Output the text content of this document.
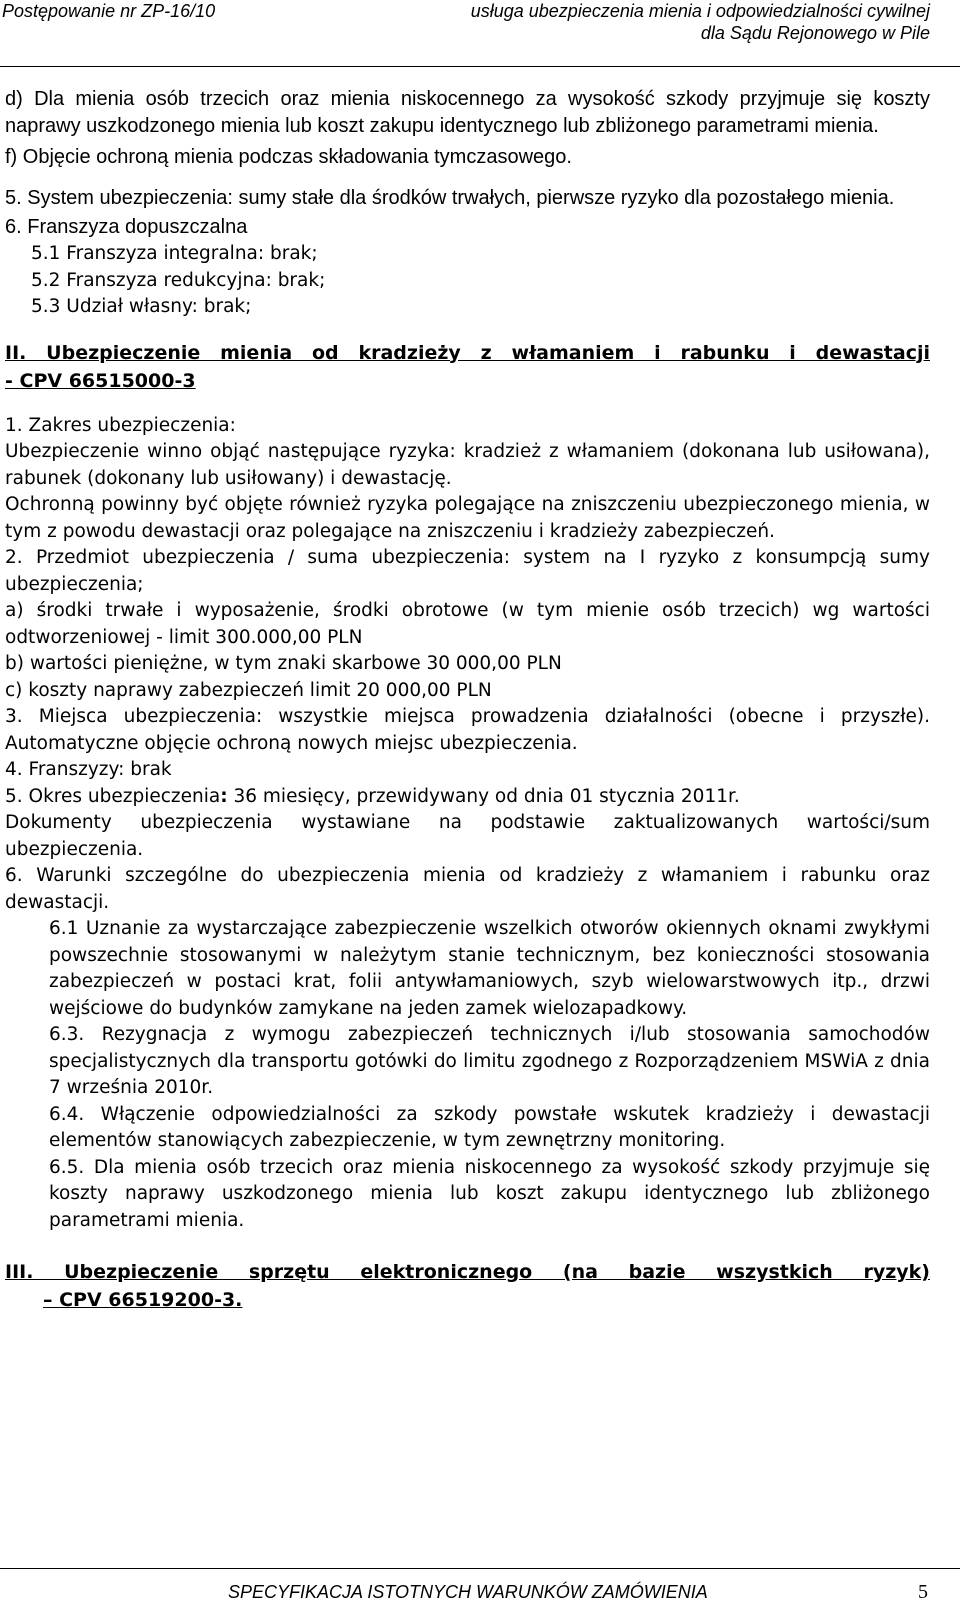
Postępowanie nr ZP-16/10	usługa ubezpieczenia mienia i odpowiedzialności cywilnej
dla Sądu Rejonowego w Pile

d) Dla mienia osób trzecich oraz mienia niskocennego za wysokość szkody przyjmuje się koszty naprawy uszkodzonego mienia lub koszt zakupu identycznego lub zbliżonego parametrami mienia.

f) Objęcie ochroną mienia podczas składowania tymczasowego.

5. System ubezpieczenia: sumy stałe dla środków trwałych, pierwsze ryzyko dla pozostałego mienia.

6. Franszyza dopuszczalna

5.1 Franszyza integralna: brak;

5.2 Franszyza redukcyjna: brak;

5.3 Udział własny: brak;

II. Ubezpieczenie mienia od kradzieży z włamaniem i rabunku i dewastacji
- CPV 66515000-3

1. Zakres ubezpieczenia:

Ubezpieczenie winno objąć następujące ryzyka: kradzież z włamaniem (dokonana lub usiłowana), rabunek (dokonany lub usiłowany) i dewastację.

Ochronną powinny być objęte również ryzyka polegające na zniszczeniu ubezpieczonego mienia, w tym z powodu dewastacji oraz polegające na zniszczeniu i kradzieży zabezpieczeń.

2. Przedmiot ubezpieczenia / suma ubezpieczenia: system na I ryzyko z konsumpcją sumy ubezpieczenia;

a) środki trwałe i wyposażenie, środki obrotowe (w tym mienie osób trzecich) wg wartości odtworzeniowej - limit 300.000,00 PLN

b) wartości pieniężne, w tym znaki skarbowe 30 000,00 PLN

c) koszty naprawy zabezpieczeń limit 20 000,00 PLN

3. Miejsca ubezpieczenia: wszystkie miejsca prowadzenia działalności (obecne i przyszłe). Automatyczne objęcie ochroną nowych miejsc ubezpieczenia.

4. Franszyzy: brak

5. Okres ubezpieczenia: 36 miesięcy, przewidywany od dnia 01 stycznia 2011r.

Dokumenty ubezpieczenia wystawiane na podstawie zaktualizowanych wartości/sum ubezpieczenia.

6. Warunki szczególne do ubezpieczenia mienia od kradzieży z włamaniem i rabunku oraz dewastacji.

6.1 Uznanie za wystarczające zabezpieczenie wszelkich otworów okiennych oknami zwykłymi powszechnie stosowanymi w należytym stanie technicznym, bez konieczności stosowania zabezpieczeń w postaci krat, folii antywłamaniowych, szyb wielowarstwowych itp., drzwi wejściowe do budynków zamykane na jeden zamek wielozapadkowy.

6.3. Rezygnacja z wymogu zabezpieczeń technicznych i/lub stosowania samochodów specjalistycznych dla transportu gotówki do limitu zgodnego z Rozporządzeniem MSWiA z dnia 7 września 2010r.

6.4. Włączenie odpowiedzialności za szkody powstałe wskutek kradzieży i dewastacji elementów stanowiących zabezpieczenie, w tym zewnętrzny monitoring.

6.5. Dla mienia osób trzecich oraz mienia niskocennego za wysokość szkody przyjmuje się koszty naprawy uszkodzonego mienia lub koszt zakupu identycznego lub zbliżonego parametrami mienia.

III. Ubezpieczenie sprzętu elektronicznego (na bazie wszystkich ryzyk)
– CPV 66519200-3.
SPECYFIKACJA ISTOTNYCH WARUNKÓW ZAMÓWIENIA	5
